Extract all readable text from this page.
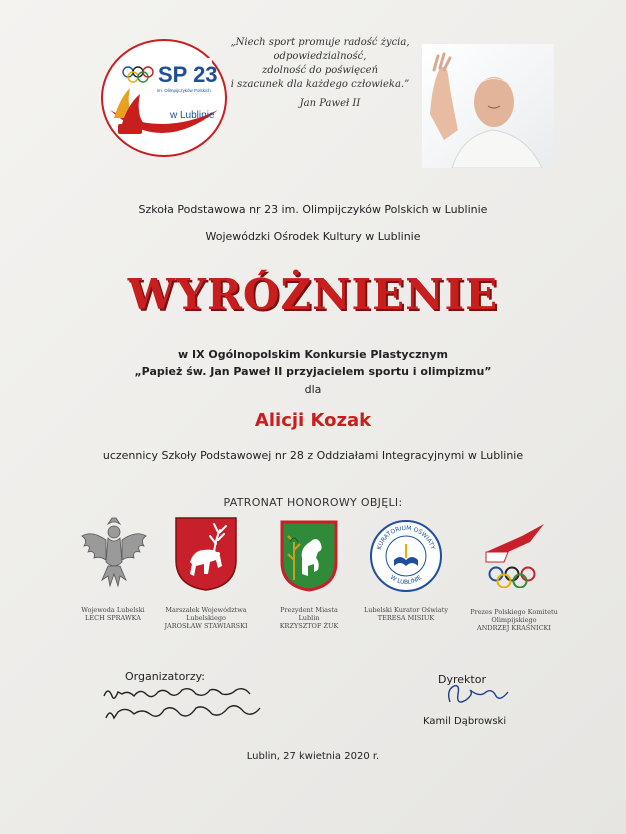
SP 23
im. Olimpijczyków Polskich
w Lublinie
„Niech sport promuje radość życia,
odpowiedzialność,
zdolność do poświęceń
i szacunek dla każdego człowieka.”
Jan Paweł II
Szkoła Podstawowa nr 23 im. Olimpijczyków Polskich w Lublinie
Wojewódzki Ośrodek Kultury w Lublinie
WYRÓŻNIENIE
w IX Ogólnopolskim Konkursie Plastycznym
„Papież św. Jan Paweł II przyjacielem sportu i olimpizmu”
dla
Alicji Kozak
uczennicy Szkoły Podstawowej nr 28 z Oddziałami Integracyjnymi w Lublinie
PATRONAT HONOROWY OBJĘLI:
Wojewoda Lubelski
LECH SPRAWKA
Marszałek Województwa
Lubelskiego
JAROSŁAW STAWIARSKI
Prezydent Miasta
Lublin
KRZYSZTOF ŻUK
KURATORIUM OŚWIATY
W LUBLINIE
Lubelski Kurator Oświaty
TERESA MISIUK
Prezes Polskiego Komitetu
Olimpijskiego
ANDRZEJ KRAŚNICKI
Organizatorzy:	Dyrektor
Kamil Dąbrowski
Lublin, 27 kwietnia 2020 r.
